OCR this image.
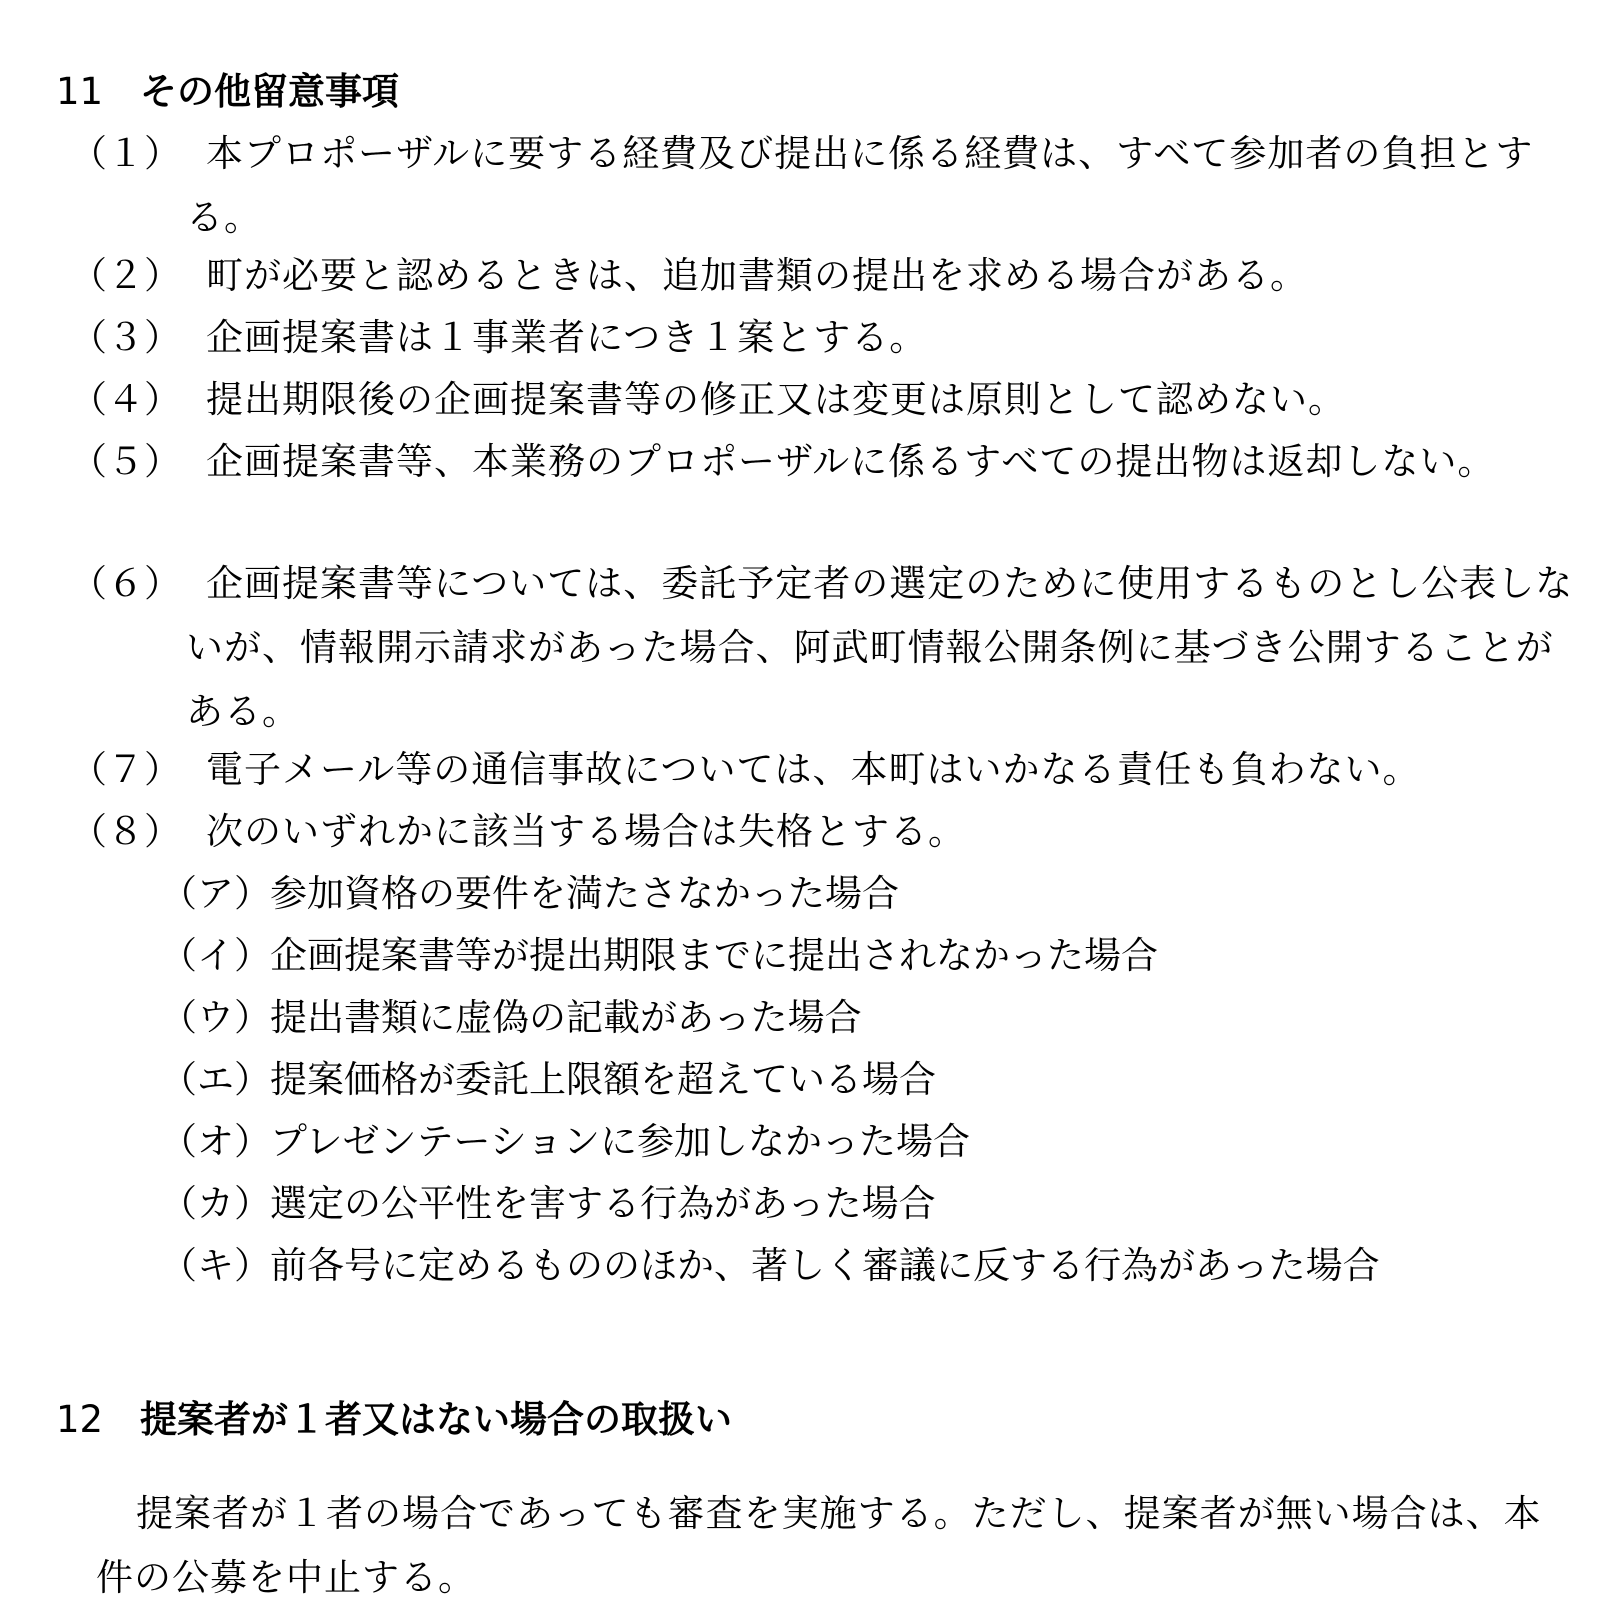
11 その他留意事項
（１） 本プロポーザルに要する経費及び提出に係る経費は、すべて参加者の負担とする。
（２） 町が必要と認めるときは、追加書類の提出を求める場合がある。
（３） 企画提案書は１事業者につき１案とする。
（４） 提出期限後の企画提案書等の修正又は変更は原則として認めない。
（５） 企画提案書等、本業務のプロポーザルに係るすべての提出物は返却しない。
（６） 企画提案書等については、委託予定者の選定のために使用するものとし公表しないが、情報開示請求があった場合、阿武町情報公開条例に基づき公開することがある。
（７） 電子メール等の通信事故については、本町はいかなる責任も負わない。
（８） 次のいずれかに該当する場合は失格とする。
（ア）参加資格の要件を満たさなかった場合
（イ）企画提案書等が提出期限までに提出されなかった場合
（ウ）提出書類に虚偽の記載があった場合
（エ）提案価格が委託上限額を超えている場合
（オ）プレゼンテーションに参加しなかった場合
（カ）選定の公平性を害する行為があった場合
（キ）前各号に定めるもののほか、著しく審議に反する行為があった場合
12 提案者が１者又はない場合の取扱い
提案者が１者の場合であっても審査を実施する。ただし、提案者が無い場合は、本件の公募を中止する。
